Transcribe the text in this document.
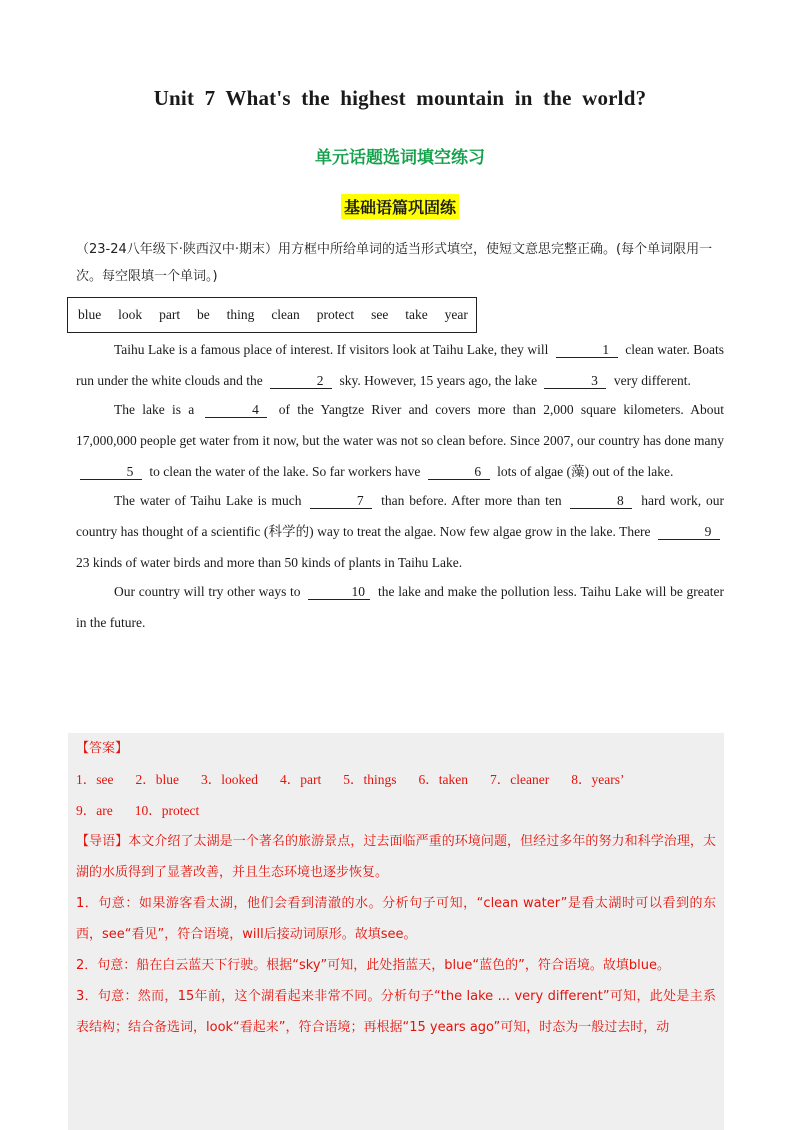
Unit 7 What's the highest mountain in the world?
单元话题选词填空练习
基础语篇巩固练
（23-24八年级下·陕西汉中·期末）用方框中所给单词的适当形式填空，使短文意思完整正确。(每个单词限用一次。每空限填一个单词。)
blue look part be thing clean protect see take year

Taihu Lake is a famous place of interest. If visitors look at Taihu Lake, they will	1 clean water. Boats run under the white clouds and the	2 sky. However, 15 years ago, the lake	3 very different.

The lake is a	4 of the Yangtze River and covers more than 2,000 square kilometers. About 17,000,000 people get water from it now, but the water was not so clean before. Since 2007, our country has done many 5 to clean the water of the lake. So far workers have	6 lots of algae (藻) out of the lake.

The water of Taihu Lake is much	7 than before. After more than ten	8 hard work, our country has thought of a scientific (科学的) way to treat the algae. Now few algae grow in the lake. There	9 23 kinds of water birds and more than 50 kinds of plants in Taihu Lake.

Our country will try other ways to	10 the lake and make the pollution less. Taihu Lake will be greater in the future.

【答案】

1．see 2．blue 3．looked 4．part 5．things 6．taken 7．cleaner 8．years’
9．are 10．protect

【导语】本文介绍了太湖是一个著名的旅游景点，过去面临严重的环境问题，但经过多年的努力和科学治理，太湖的水质得到了显著改善，并且生态环境也逐步恢复。

1．句意：如果游客看太湖，他们会看到清澈的水。分析句子可知，“clean water”是看太湖时可以看到的东西，see“看见”，符合语境，will后接动词原形。故填see。

2．句意：船在白云蓝天下行驶。根据“sky”可知，此处指蓝天，blue“蓝色的”，符合语境。故填blue。

3．句意：然而，15年前，这个湖看起来非常不同。分析句子“the lake ... very different”可知，此处是主系表结构；结合备选词，look“看起来”，符合语境；再根据“15 years ago”可知，时态为一般过去时，动
